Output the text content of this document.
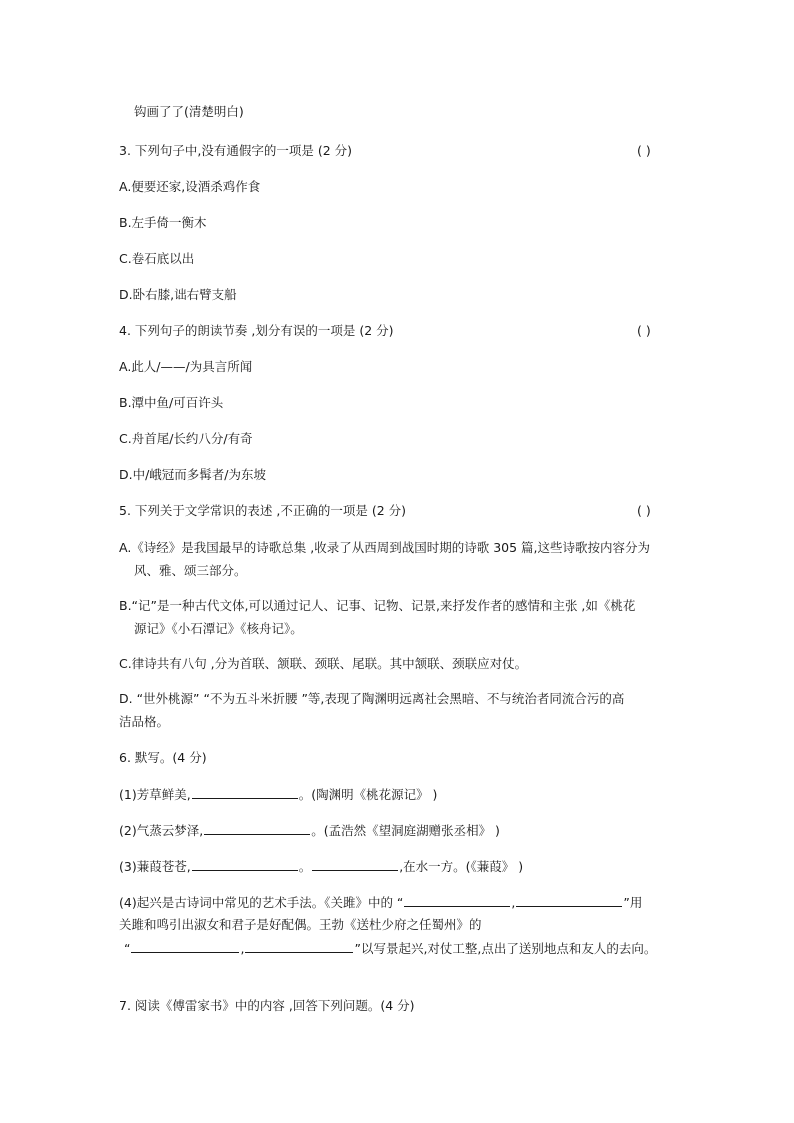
钩画了了(清楚明白)
3. 下列句子中,没有通假字的一项是 (2 分)	( )
A.便要还家,设酒杀鸡作食
B.左手倚一衡木
C.卷石底以出
D.卧右膝,诎右臂支船
4. 下列句子的朗读节奏 ,划分有误的一项是 (2 分)	( )
A.此人/——/为具言所闻
B.潭中鱼/可百许头
C.舟首尾/长约八分/有奇
D.中/峨冠而多髯者/为东坡
5. 下列关于文学常识的表述 ,不正确的一项是 (2 分)	( )
A.《诗经》是我国最早的诗歌总集 ,收录了从西周到战国时期的诗歌 305 篇,这些诗歌按内容分为
风、雅、颂三部分。
B.“记”是一种古代文体,可以通过记人、记事、记物、记景,来抒发作者的感情和主张 ,如《桃花
源记》《小石潭记》《核舟记》。
C.律诗共有八句 ,分为首联、颔联、颈联、尾联。其中颔联、颈联应对仗。
D. “世外桃源” “不为五斗米折腰 ”等,表现了陶渊明远离社会黑暗、不与统治者同流合污的高
洁品格。
6. 默写。(4 分)
(1)芳草鲜美,	。(陶渊明《桃花源记》 )
(2)气蒸云梦泽,	。(孟浩然《望洞庭湖赠张丞相》 )
(3)蒹葭苍苍,	。	,在水一方。(《蒹葭》 )
(4)起兴是古诗词中常见的艺术手法。《关雎》中的 “	,	”用
关雎和鸣引出淑女和君子是好配偶。王勃《送杜少府之任蜀州》的
“	,	”以写景起兴,对仗工整,点出了送别地点和友人的去向。
7. 阅读《傅雷家书》中的内容 ,回答下列问题。(4 分)
